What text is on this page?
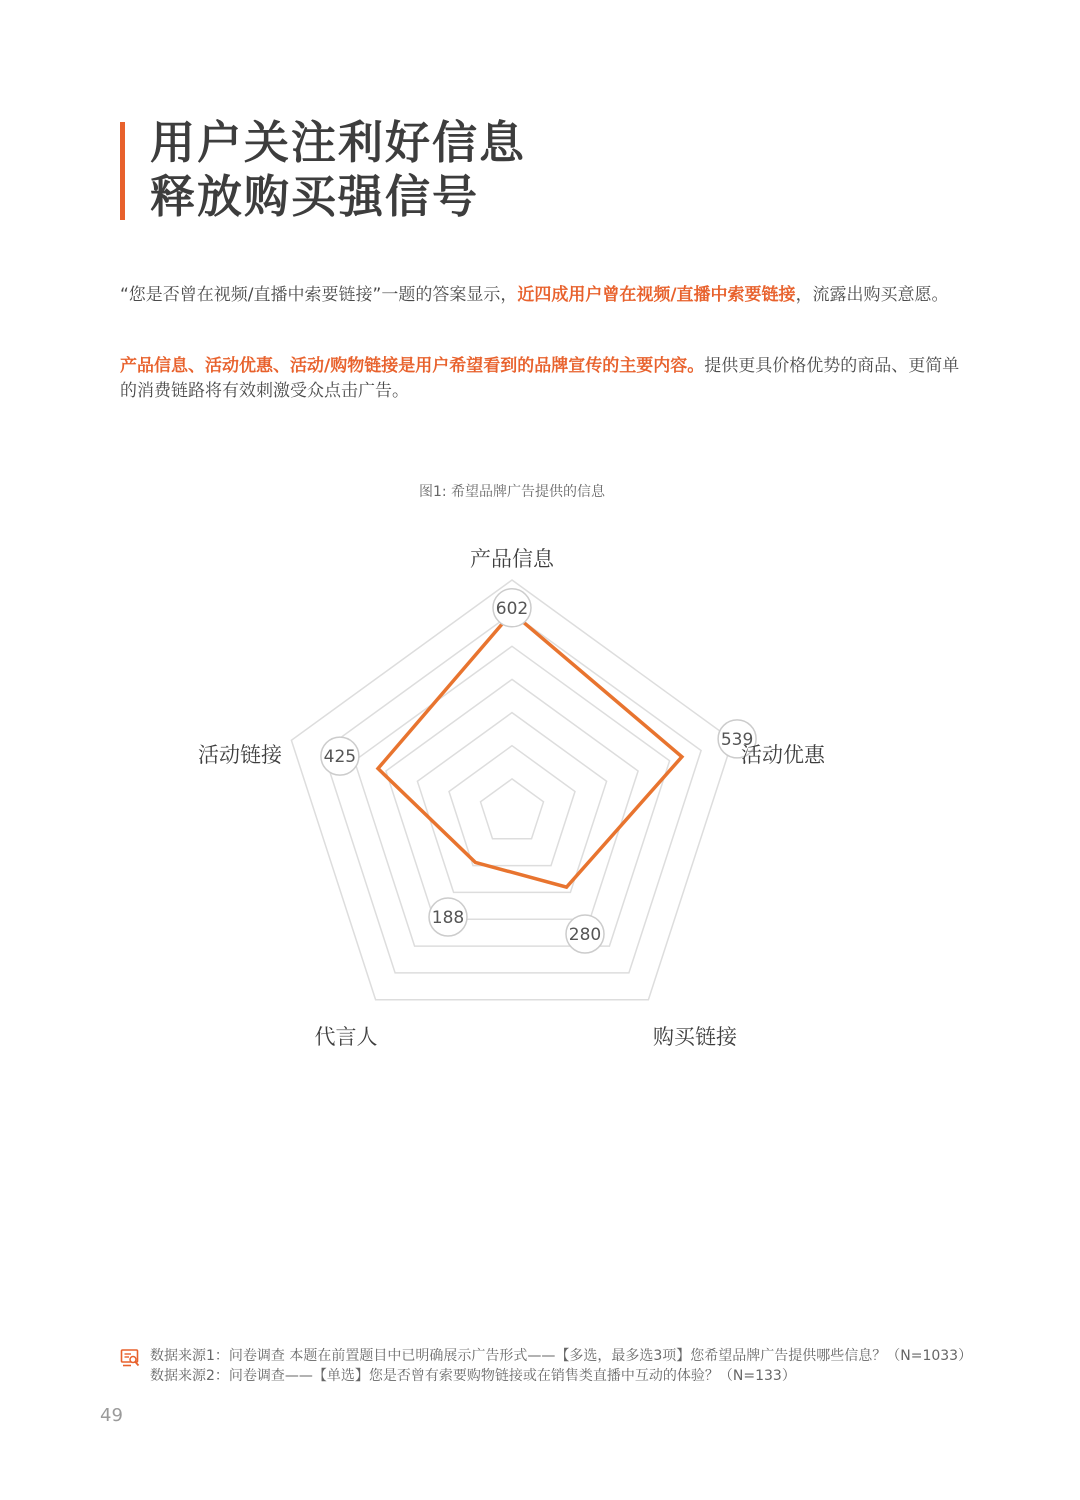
用户关注利好信息
释放购买强信号

“您是否曾在视频/直播中索要链接”一题的答案显示，近四成用户曾在视频/直播中索要链接，流露出购买意愿。

产品信息、活动优惠、活动/购物链接是用户希望看到的品牌宣传的主要内容。提供更具价格优势的商品、更简单的消费链路将有效刺激受众点击广告。

图1: 希望品牌广告提供的信息

602
539
280
188
425
产品信息
活动优惠
购买链接
代言人
活动链接
数据来源1：问卷调查 本题在前置题目中已明确展示广告形式——【多选，最多选3项】您希望品牌广告提供哪些信息？（N=1033）
数据来源2：问卷调查——【单选】您是否曾有索要购物链接或在销售类直播中互动的体验？（N=133）
49
